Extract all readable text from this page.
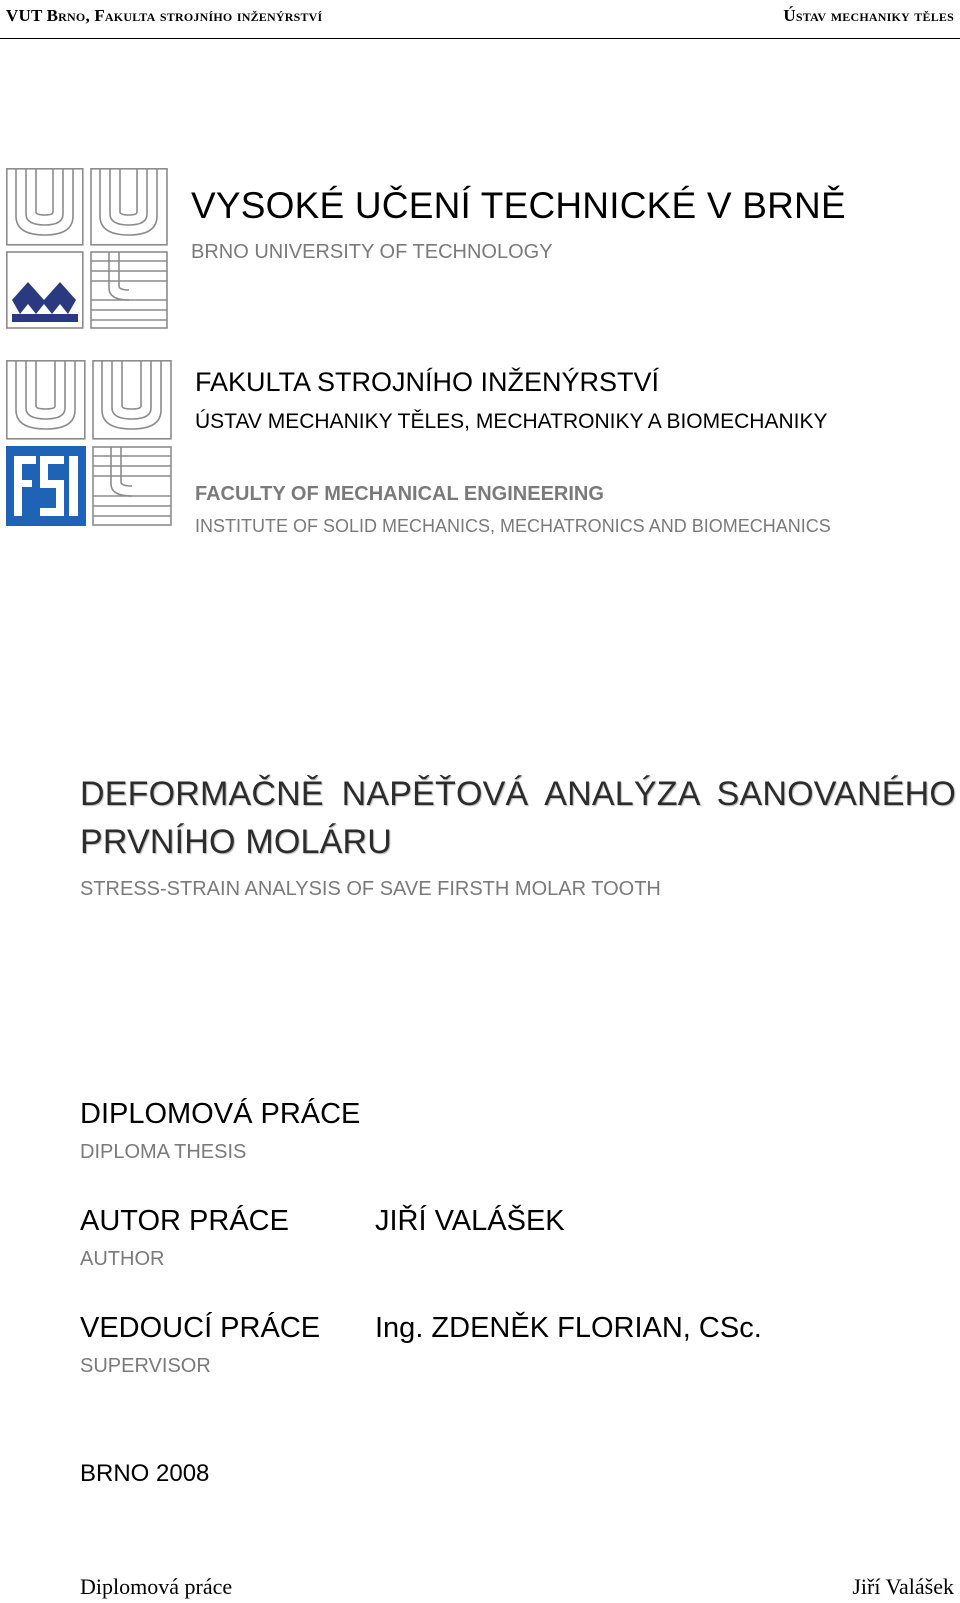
VUT Brno, Fakulta strojního inženýrství	Ústav mechaniky těles
VYSOKÉ UČENÍ TECHNICKÉ V BRNĚ
BRNO UNIVERSITY OF TECHNOLOGY
FAKULTA STROJNÍHO INŽENÝRSTVÍ
ÚSTAV MECHANIKY TĚLES, MECHATRONIKY A BIOMECHANIKY
FACULTY OF MECHANICAL ENGINEERING
INSTITUTE OF SOLID MECHANICS, MECHATRONICS AND BIOMECHANICS
DEFORMAČNĚ NAPĚŤOVÁ ANALÝZA SANOVANÉHO PRVNÍHO MOLÁRU
STRESS-STRAIN ANALYSIS OF SAVE FIRSTH MOLAR TOOTH
DIPLOMOVÁ PRÁCE
DIPLOMA THESIS
AUTOR PRÁCE
AUTHOR
JIŘÍ VALÁŠEK
VEDOUCÍ PRÁCE
SUPERVISOR
Ing. ZDENĚK FLORIAN, CSc.
BRNO 2008
Diplomová práce	Jiří Valášek
